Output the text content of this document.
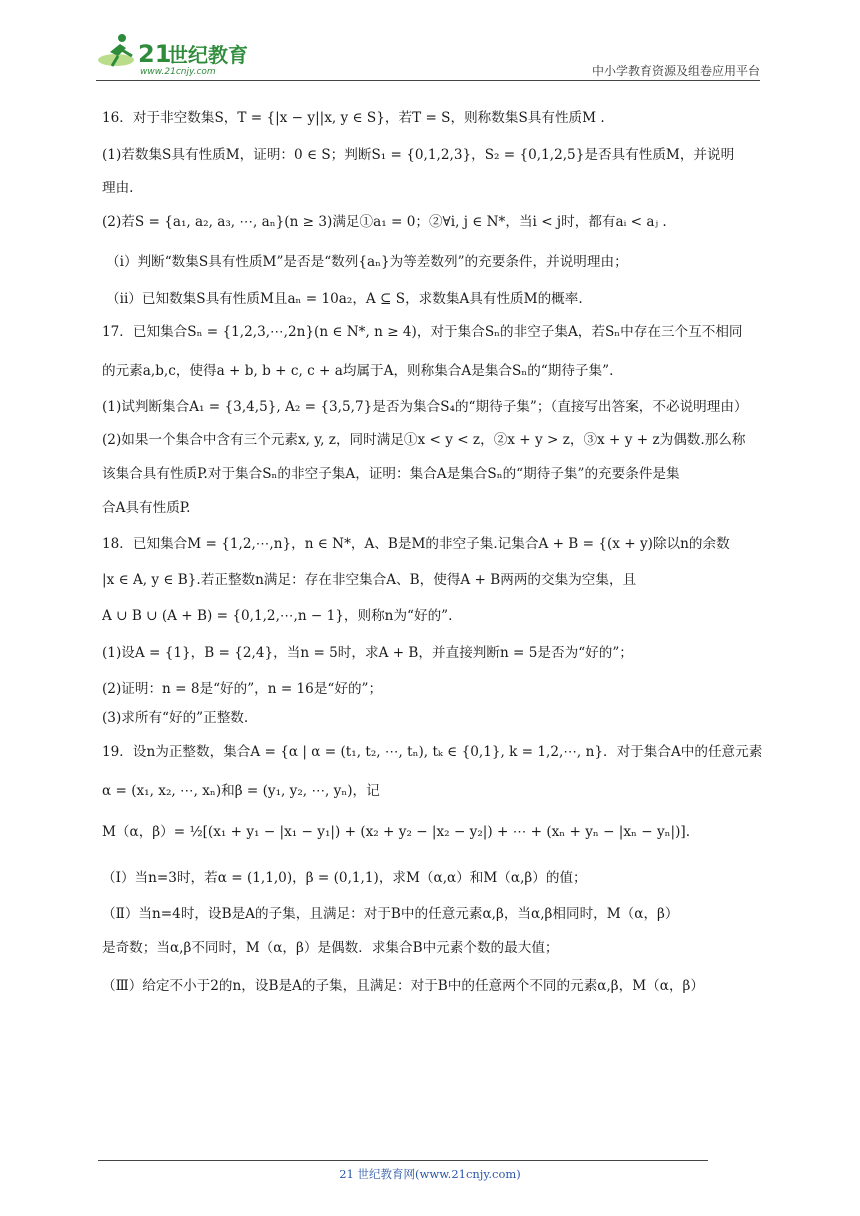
21
世纪教育
www.21cnjy.com	中小学教育资源及组卷应用平台
16．对于非空数集S，T = {|x − y||x, y ∈ S}，若T = S，则称数集S具有性质M .
(1)若数集S具有性质M，证明：0 ∈ S；判断S₁ = {0,1,2,3}，S₂ = {0,1,2,5}是否具有性质M，并说明
理由.
(2)若S = {a₁, a₂, a₃, ⋯, aₙ}(n ≥ 3)满足①a₁ = 0；②∀i, j ∈ N*，当i < j时，都有aᵢ < aⱼ .
（i）判断“数集S具有性质M”是否是“数列{aₙ}为等差数列”的充要条件，并说明理由；
（ii）已知数集S具有性质M且aₙ = 10a₂，A ⊆ S，求数集A具有性质M的概率.
17．已知集合Sₙ = {1,2,3,⋯,2n}(n ∈ N*, n ≥ 4)，对于集合Sₙ的非空子集A，若Sₙ中存在三个互不相同
的元素a,b,c，使得a + b, b + c, c + a均属于A，则称集合A是集合Sₙ的“期待子集”.
(1)试判断集合A₁ = {3,4,5}, A₂ = {3,5,7}是否为集合S₄的“期待子集”；（直接写出答案，不必说明理由）
(2)如果一个集合中含有三个元素x, y, z，同时满足①x < y < z，②x + y > z，③x + y + z为偶数.那么称
该集合具有性质P.对于集合Sₙ的非空子集A，证明：集合A是集合Sₙ的“期待子集”的充要条件是集
合A具有性质P.
18．已知集合M = {1,2,⋯,n}，n ∈ N*，A、B是M的非空子集.记集合A + B = {(x + y)除以n的余数
|x ∈ A, y ∈ B}.若正整数n满足：存在非空集合A、B，使得A + B两两的交集为空集，且
A ∪ B ∪ (A + B) = {0,1,2,⋯,n − 1}，则称n为“好的”.
(1)设A = {1}，B = {2,4}，当n = 5时，求A + B，并直接判断n = 5是否为“好的”；
(2)证明：n = 8是“好的”，n = 16是“好的”；
(3)求所有“好的”正整数.
19．设n为正整数，集合A = {α | α = (t₁, t₂, ⋯, tₙ), tₖ ∈ {0,1}, k = 1,2,⋯, n}．对于集合A中的任意元素
α = (x₁, x₂, ⋯, xₙ)和β = (y₁, y₂, ⋯, yₙ)，记
M（α，β）= ½[(x₁ + y₁ − |x₁ − y₁|) + (x₂ + y₂ − |x₂ − y₂|) + ⋯ + (xₙ + yₙ − |xₙ − yₙ|)].
（Ⅰ）当n=3时，若α = (1,1,0)，β = (0,1,1)，求M（α,α）和M（α,β）的值；
（Ⅱ）当n=4时，设B是A的子集，且满足：对于B中的任意元素α,β，当α,β相同时，M（α，β）
是奇数；当α,β不同时，M（α，β）是偶数．求集合B中元素个数的最大值；
（Ⅲ）给定不小于2的n，设B是A的子集，且满足：对于B中的任意两个不同的元素α,β，M（α，β）
21 世纪教育网(www.21cnjy.com)
